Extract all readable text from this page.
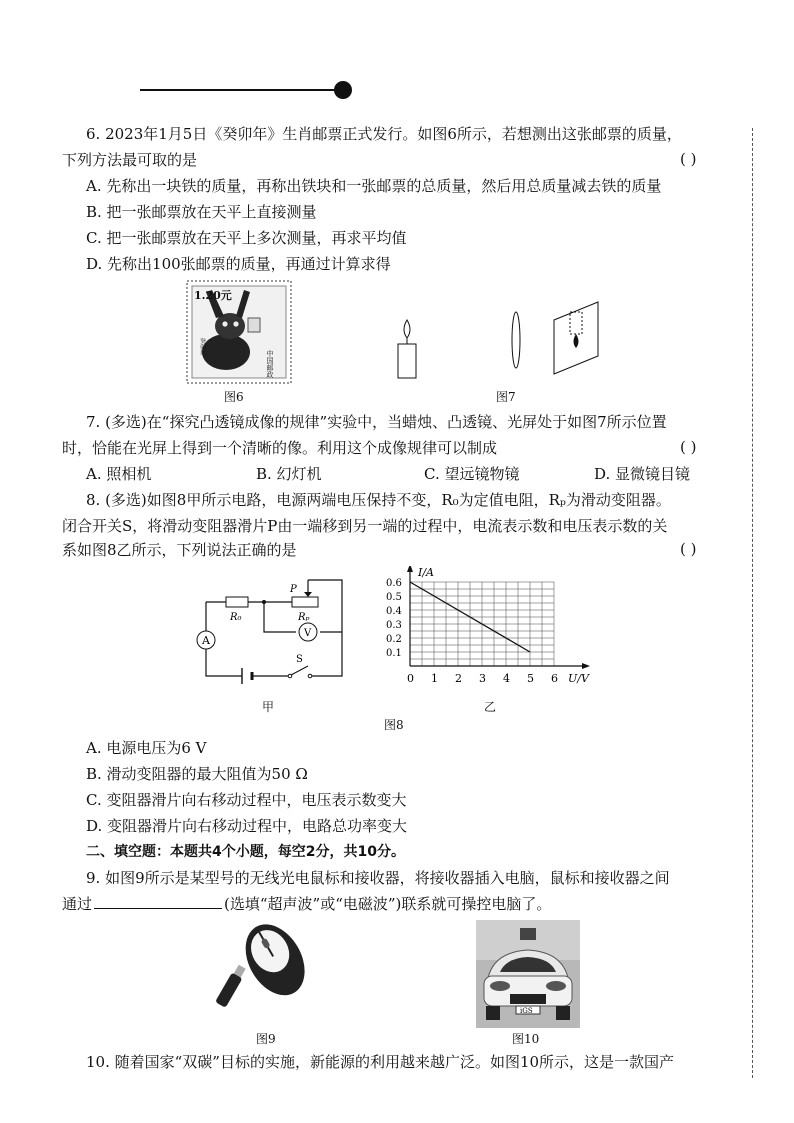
6. 2023年1月5日《癸卯年》生肖邮票正式发行。如图6所示，若想测出这张邮票的质量，
下列方法最可取的是	( )
A. 先称出一块铁的质量，再称出铁块和一张邮票的总质量，然后用总质量减去铁的质量
B. 把一张邮票放在天平上直接测量
C. 把一张邮票放在天平上多次测量，再求平均值
D. 先称出100张邮票的质量，再通过计算求得
1.20元
中国邮政
癸卯年
图6	图7
7. (多选)在“探究凸透镜成像的规律”实验中，当蜡烛、凸透镜、光屏处于如图7所示位置
时，恰能在光屏上得到一个清晰的像。利用这个成像规律可以制成	( )
A. 照相机	B. 幻灯机	C. 望远镜物镜	D. 显微镜目镜
8. (多选)如图8甲所示电路，电源两端电压保持不变，R₀为定值电阻，Rₚ为滑动变阻器。
闭合开关S，将滑动变阻器滑片P由一端移到另一端的过程中，电流表示数和电压表示数的关
系如图8乙所示，下列说法正确的是	( )
A
V
S
R₀	Rₚ
P
甲
0 1 2 3 4 5 6
0.1
0.2
0.3
0.4
0.5
0.6
U/V
I/A
乙
图8
A. 电源电压为6 V
B. 滑动变阻器的最大阻值为50 Ω
C. 变阻器滑片向右移动过程中，电压表示数变大
D. 变阻器滑片向右移动过程中，电路总功率变大
二、填空题：本题共4个小题，每空2分，共10分。
9. 如图9所示是某型号的无线光电鼠标和接收器，将接收器插入电脑，鼠标和接收器之间
通过	(选填“超声波”或“电磁波”)联系就可操控电脑了。
图9
iGS
图10
10. 随着国家“双碳”目标的实施，新能源的利用越来越广泛。如图10所示，这是一款国产
